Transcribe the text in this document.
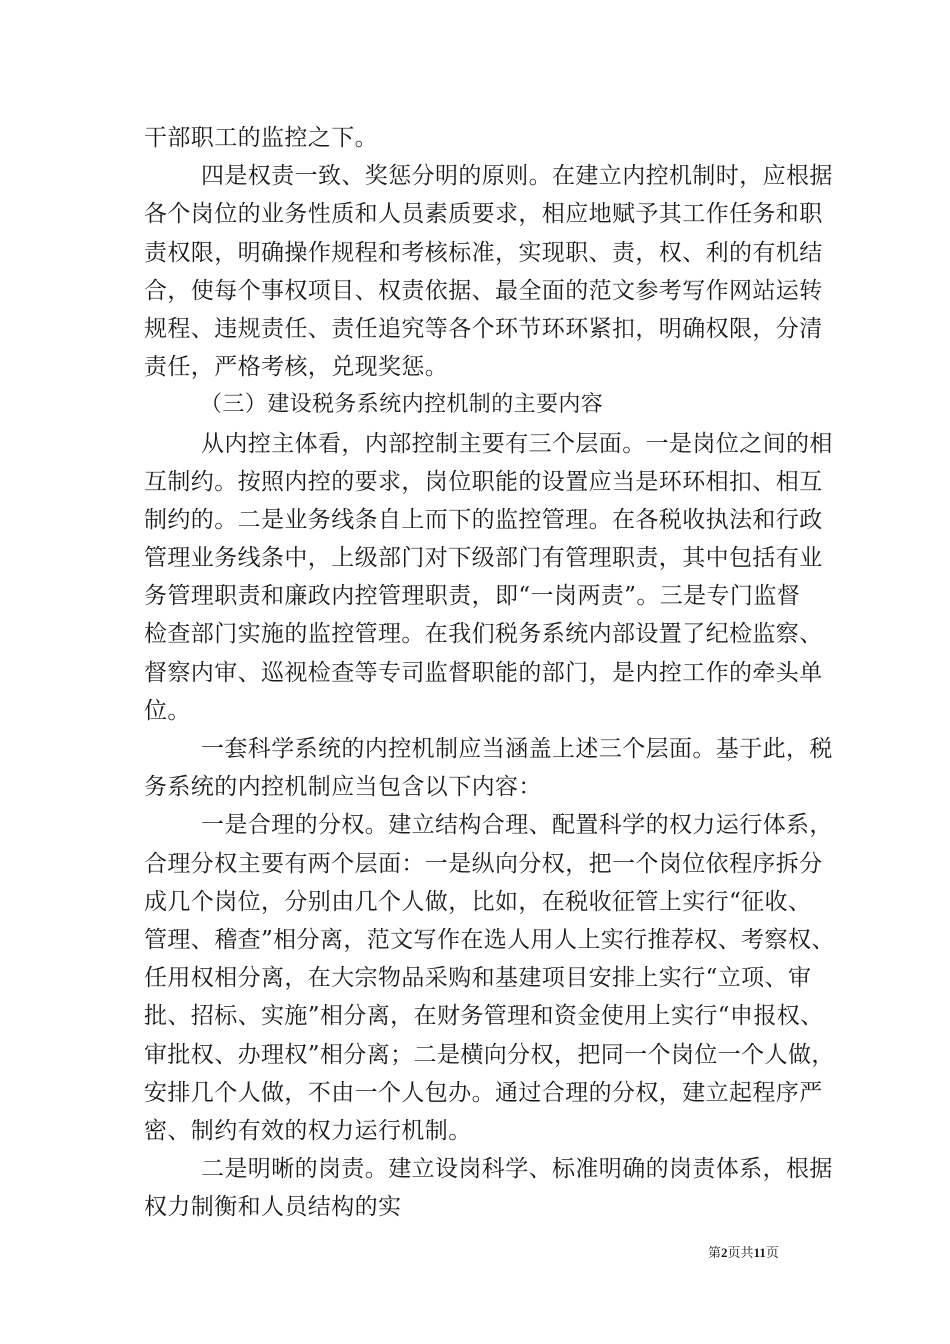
干部职工的监控之下。
四是权责一致、奖惩分明的原则。在建立内控机制时，应根据
各个岗位的业务性质和人员素质要求，相应地赋予其工作任务和职
责权限，明确操作规程和考核标准，实现职、责，权、利的有机结
合，使每个事权项目、权责依据、最全面的范文参考写作网站运转
规程、违规责任、责任追究等各个环节环环紧扣，明确权限，分清
责任，严格考核，兑现奖惩。
（三）建设税务系统内控机制的主要内容
从内控主体看，内部控制主要有三个层面。一是岗位之间的相
互制约。按照内控的要求，岗位职能的设置应当是环环相扣、相互
制约的。二是业务线条自上而下的监控管理。在各税收执法和行政
管理业务线条中，上级部门对下级部门有管理职责，其中包括有业
务管理职责和廉政内控管理职责，即“一岗两责”。三是专门监督
检查部门实施的监控管理。在我们税务系统内部设置了纪检监察、
督察内审、巡视检查等专司监督职能的部门，是内控工作的牵头单
位。
一套科学系统的内控机制应当涵盖上述三个层面。基于此，税
务系统的内控机制应当包含以下内容：
一是合理的分权。建立结构合理、配置科学的权力运行体系，
合理分权主要有两个层面：一是纵向分权，把一个岗位依程序拆分
成几个岗位，分别由几个人做，比如，在税收征管上实行“征收、
管理、稽查”相分离，范文写作在选人用人上实行推荐权、考察权、
任用权相分离，在大宗物品采购和基建项目安排上实行“立项、审
批、招标、实施”相分离，在财务管理和资金使用上实行“申报权、
审批权、办理权”相分离；二是横向分权，把同一个岗位一个人做，
安排几个人做，不由一个人包办。通过合理的分权，建立起程序严
密、制约有效的权力运行机制。
二是明晰的岗责。建立设岗科学、标准明确的岗责体系，根据
权力制衡和人员结构的实
第2页共11页
